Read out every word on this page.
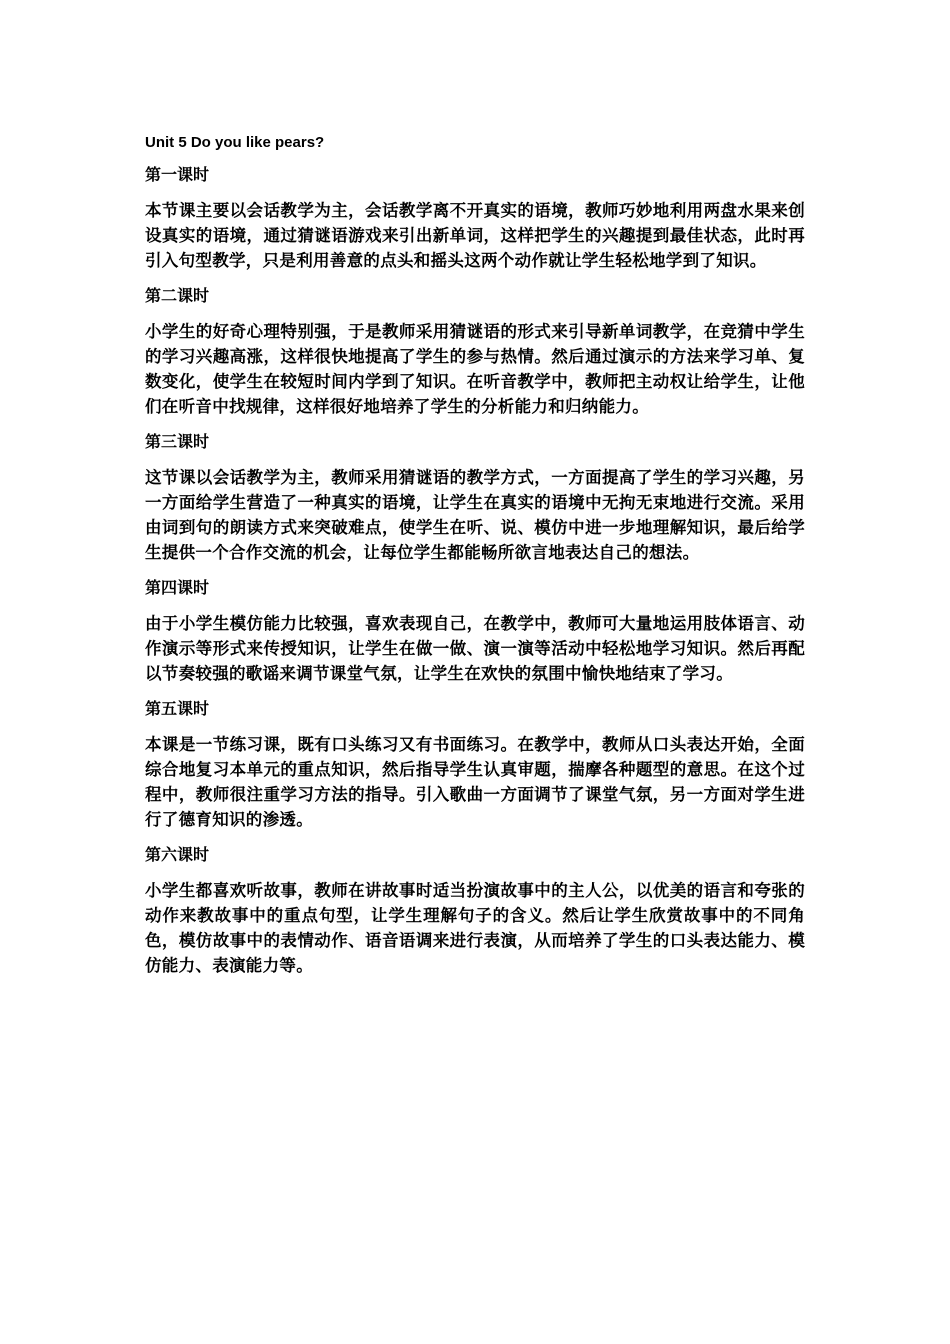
Unit 5 Do you like pears?
第一课时
本节课主要以会话教学为主，会话教学离不开真实的语境，教师巧妙地利用两盘水果来创设真实的语境，通过猜谜语游戏来引出新单词，这样把学生的兴趣提到最佳状态，此时再引入句型教学，只是利用善意的点头和摇头这两个动作就让学生轻松地学到了知识。
第二课时
小学生的好奇心理特别强，于是教师采用猜谜语的形式来引导新单词教学，在竞猜中学生的学习兴趣高涨，这样很快地提高了学生的参与热情。然后通过演示的方法来学习单、复数变化，使学生在较短时间内学到了知识。在听音教学中，教师把主动权让给学生，让他们在听音中找规律，这样很好地培养了学生的分析能力和归纳能力。
第三课时
这节课以会话教学为主，教师采用猜谜语的教学方式，一方面提高了学生的学习兴趣，另一方面给学生营造了一种真实的语境，让学生在真实的语境中无拘无束地进行交流。采用由词到句的朗读方式来突破难点，使学生在听、说、模仿中进一步地理解知识，最后给学生提供一个合作交流的机会，让每位学生都能畅所欲言地表达自己的想法。
第四课时
由于小学生模仿能力比较强，喜欢表现自己，在教学中，教师可大量地运用肢体语言、动作演示等形式来传授知识，让学生在做一做、演一演等活动中轻松地学习知识。然后再配以节奏较强的歌谣来调节课堂气氛，让学生在欢快的氛围中愉快地结束了学习。
第五课时
本课是一节练习课，既有口头练习又有书面练习。在教学中，教师从口头表达开始，全面综合地复习本单元的重点知识，然后指导学生认真审题，揣摩各种题型的意思。在这个过程中，教师很注重学习方法的指导。引入歌曲一方面调节了课堂气氛，另一方面对学生进行了德育知识的渗透。
第六课时
小学生都喜欢听故事，教师在讲故事时适当扮演故事中的主人公，以优美的语言和夸张的动作来教故事中的重点句型，让学生理解句子的含义。然后让学生欣赏故事中的不同角色，模仿故事中的表情动作、语音语调来进行表演，从而培养了学生的口头表达能力、模仿能力、表演能力等。
